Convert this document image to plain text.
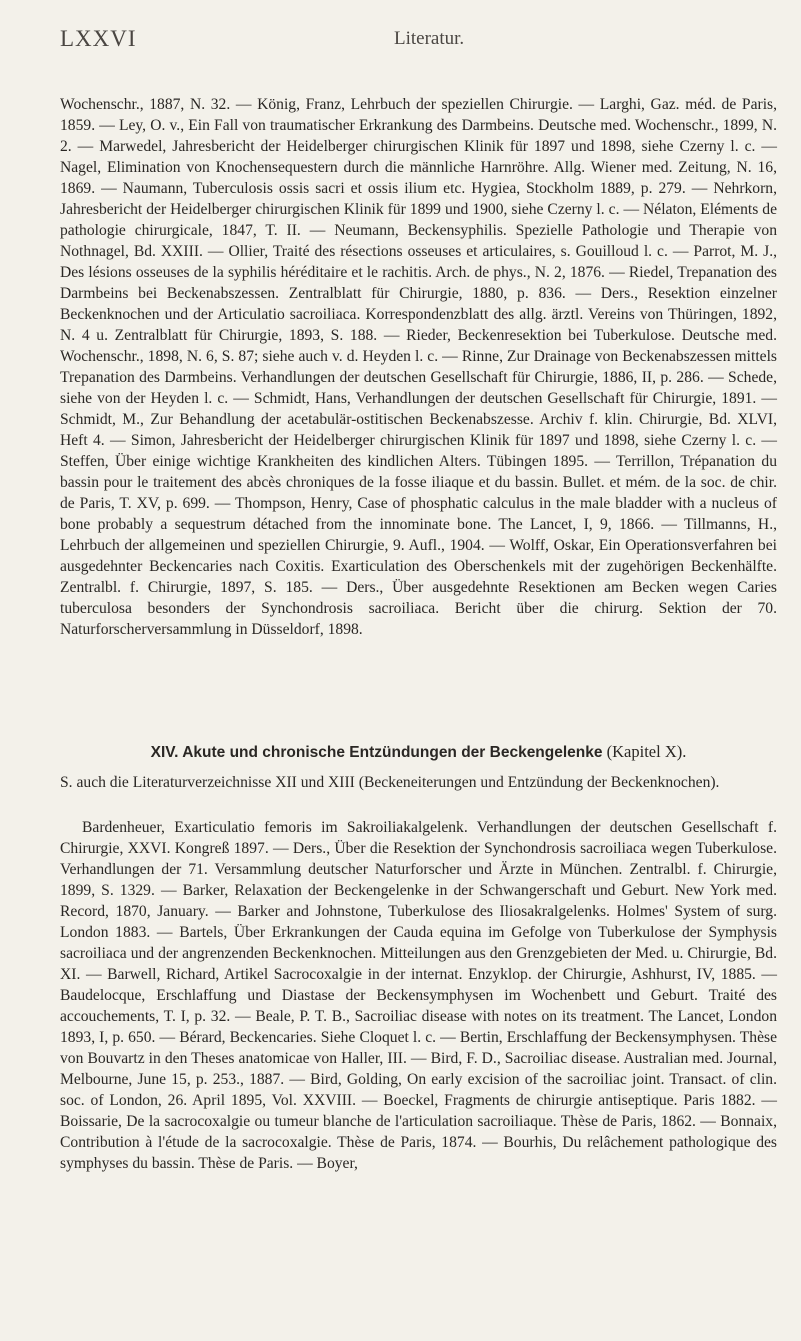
LXXVI	Literatur.

Wochenschr., 1887, N. 32. — König, Franz, Lehrbuch der speziellen Chirurgie. — Larghi, Gaz. méd. de Paris, 1859. — Ley, O. v., Ein Fall von traumatischer Erkrankung des Darmbeins. Deutsche med. Wochenschr., 1899, N. 2. — Marwedel, Jahresbericht der Heidelberger chirurgischen Klinik für 1897 und 1898, siehe Czerny l. c. — Nagel, Elimination von Knochensequestern durch die männliche Harnröhre. Allg. Wiener med. Zeitung, N. 16, 1869. — Naumann, Tuberculosis ossis sacri et ossis ilium etc. Hygiea, Stockholm 1889, p. 279. — Nehrkorn, Jahresbericht der Heidelberger chirurgischen Klinik für 1899 und 1900, siehe Czerny l. c. — Nélaton, Eléments de pathologie chirurgicale, 1847, T. II. — Neumann, Beckensyphilis. Spezielle Pathologie und Therapie von Nothnagel, Bd. XXIII. — Ollier, Traité des résections osseuses et articulaires, s. Gouilloud l. c. — Parrot, M. J., Des lésions osseuses de la syphilis héréditaire et le rachitis. Arch. de phys., N. 2, 1876. — Riedel, Trepanation des Darmbeins bei Beckenabszessen. Zentralblatt für Chirurgie, 1880, p. 836. — Ders., Resektion einzelner Beckenknochen und der Articulatio sacroiliaca. Korrespondenzblatt des allg. ärztl. Vereins von Thüringen, 1892, N. 4 u. Zentralblatt für Chirurgie, 1893, S. 188. — Rieder, Beckenresektion bei Tuberkulose. Deutsche med. Wochenschr., 1898, N. 6, S. 87; siehe auch v. d. Heyden l. c. — Rinne, Zur Drainage von Beckenabszessen mittels Trepanation des Darmbeins. Verhandlungen der deutschen Gesellschaft für Chirurgie, 1886, II, p. 286. — Schede, siehe von der Heyden l. c. — Schmidt, Hans, Verhandlungen der deutschen Gesellschaft für Chirurgie, 1891. — Schmidt, M., Zur Behandlung der acetabulär-ostitischen Beckenabszesse. Archiv f. klin. Chirurgie, Bd. XLVI, Heft 4. — Simon, Jahresbericht der Heidelberger chirurgischen Klinik für 1897 und 1898, siehe Czerny l. c. — Steffen, Über einige wichtige Krankheiten des kindlichen Alters. Tübingen 1895. — Terrillon, Trépanation du bassin pour le traitement des abcès chroniques de la fosse iliaque et du bassin. Bullet. et mém. de la soc. de chir. de Paris, T. XV, p. 699. — Thompson, Henry, Case of phosphatic calculus in the male bladder with a nucleus of bone probably a sequestrum détached from the innominate bone. The Lancet, I, 9, 1866. — Tillmanns, H., Lehrbuch der allgemeinen und speziellen Chirurgie, 9. Aufl., 1904. — Wolff, Oskar, Ein Operationsverfahren bei ausgedehnter Beckencaries nach Coxitis. Exarticulation des Oberschenkels mit der zugehörigen Beckenhälfte. Zentralbl. f. Chirurgie, 1897, S. 185. — Ders., Über ausgedehnte Resektionen am Becken wegen Caries tuberculosa besonders der Synchondrosis sacroiliaca. Bericht über die chirurg. Sektion der 70. Naturforscherversammlung in Düsseldorf, 1898.

XIV. Akute und chronische Entzündungen der Beckengelenke (Kapitel X).

S. auch die Literaturverzeichnisse XII und XIII (Beckeneiterungen und Entzündung der Beckenknochen).

Bardenheuer, Exarticulatio femoris im Sakroiliakalgelenk. Verhandlungen der deutschen Gesellschaft f. Chirurgie, XXVI. Kongreß 1897. — Ders., Über die Resektion der Synchondrosis sacroiliaca wegen Tuberkulose. Verhandlungen der 71. Versammlung deutscher Naturforscher und Ärzte in München. Zentralbl. f. Chirurgie, 1899, S. 1329. — Barker, Relaxation der Beckengelenke in der Schwangerschaft und Geburt. New York med. Record, 1870, January. — Barker and Johnstone, Tuberkulose des Iliosakralgelenks. Holmes' System of surg. London 1883. — Bartels, Über Erkrankungen der Cauda equina im Gefolge von Tuberkulose der Symphysis sacroiliaca und der angrenzenden Beckenknochen. Mitteilungen aus den Grenzgebieten der Med. u. Chirurgie, Bd. XI. — Barwell, Richard, Artikel Sacrocoxalgie in der internat. Enzyklop. der Chirurgie, Ashhurst, IV, 1885. — Baudelocque, Erschlaffung und Diastase der Beckensymphysen im Wochenbett und Geburt. Traité des accouchements, T. I, p. 32. — Beale, P. T. B., Sacroiliac disease with notes on its treatment. The Lancet, London 1893, I, p. 650. — Bérard, Beckencaries. Siehe Cloquet l. c. — Bertin, Erschlaffung der Beckensymphysen. Thèse von Bouvartz in den Theses anatomicae von Haller, III. — Bird, F. D., Sacroiliac disease. Australian med. Journal, Melbourne, June 15, p. 253., 1887. — Bird, Golding, On early excision of the sacroiliac joint. Transact. of clin. soc. of London, 26. April 1895, Vol. XXVIII. — Boeckel, Fragments de chirurgie antiseptique. Paris 1882. — Boissarie, De la sacrocoxalgie ou tumeur blanche de l'articulation sacroiliaque. Thèse de Paris, 1862. — Bonnaix, Contribution à l'étude de la sacrocoxalgie. Thèse de Paris, 1874. — Bourhis, Du relâchement pathologique des symphyses du bassin. Thèse de Paris. — Boyer,
